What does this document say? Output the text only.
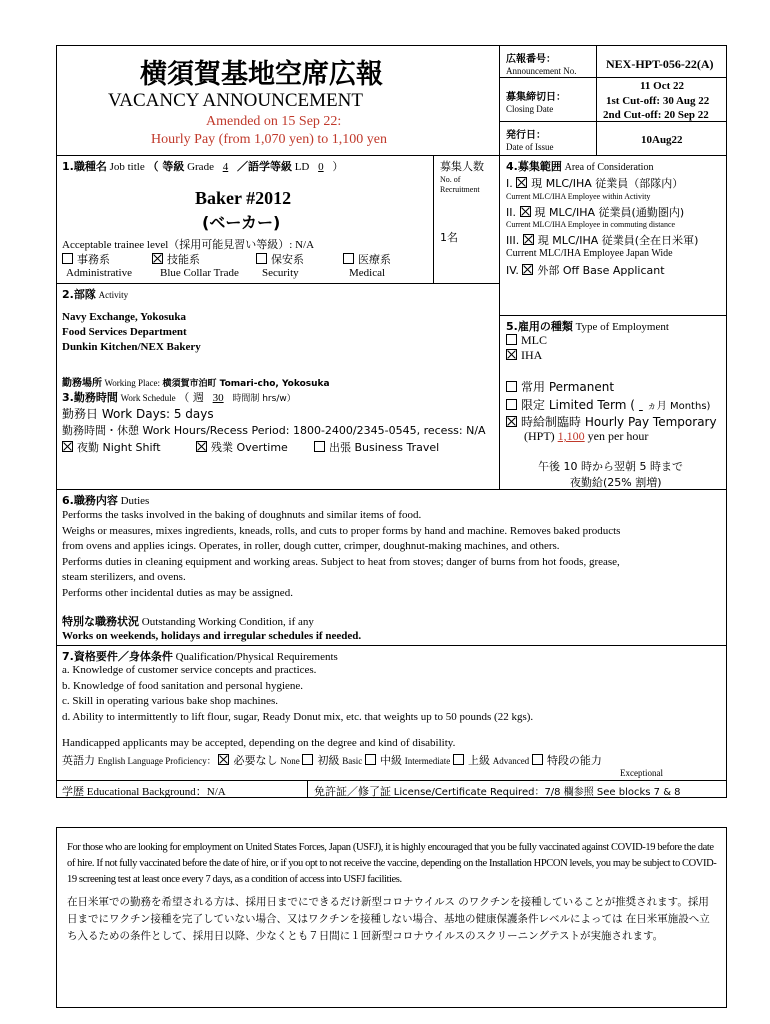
横須賀基地空席広報
VACANCY ANNOUNCEMENT
Amended on 15 Sep 22:
Hourly Pay (from 1,070 yen) to 1,100 yen
広報番号：
Announcement No. NEX-HPT-056-22(A)
募集締切日：
Closing Date
11 Oct 22
1st Cut-off: 30 Aug 22
2nd Cut-off: 20 Sep 22
発行日：
Date of Issue
10Aug22
1.職種名 Job title （ 等級 Grade 4 ／語学等級 LD 0 ）
Baker #2012
(ベーカー)
Acceptable trainee level（採用可能見習い等級）: N/A
事務系
Administrative
技能系
Blue Collar Trade
保安系
Security
医療系
Medical
募集人数
No. of
Recruitment
1名
2.部隊 Activity
Navy Exchange, Yokosuka
Food Services Department
Dunkin Kitchen/NEX Bakery
勤務場所 Working Place: 横須賀市泊町 Tomari-cho, Yokosuka
3.勤務時間 Work Schedule （ 週 30 時間制 hrs/w）
勤務日 Work Days: 5 days
勤務時間・休憩 Work Hours/Recess Period: 1800-2400/2345-0545, recess: N/A
夜勤 Night Shift	残業 Overtime	出張 Business Travel
4.募集範囲 Area of Consideration
I. 現 MLC/IHA 従業員（部隊内）
Current MLC/IHA Employee within Activity
II. 現 MLC/IHA 従業員(通勤圏内)
Current MLC/IHA Employee in commuting distance
III. 現 MLC/IHA 従業員(全在日米軍)
Current MLC/IHA Employee Japan Wide
IV. 外部 Off Base Applicant
5.雇用の種類 Type of Employment
MLC
IHA
常用 Permanent
限定 Limited Term ( ヵ月 Months)
時給制臨時 Hourly Pay Temporary
(HPT) 1,100 yen per hour
午後 10 時から翌朝 5 時まで
夜勤給(25% 割増)
6.職務内容 Duties
Performs the tasks involved in the baking of doughnuts and similar items of food.
Weighs or measures, mixes ingredients, kneads, rolls, and cuts to proper forms by hand and machine. Removes baked products
from ovens and applies icings. Operates, in roller, dough cutter, crimper, doughnut-making machines, and others.
Performs duties in cleaning equipment and working areas. Subject to heat from stoves; danger of burns from hot foods, grease,
steam sterilizers, and ovens.
Performs other incidental duties as may be assigned.
特別な職務状況 Outstanding Working Condition, if any
Works on weekends, holidays and irregular schedules if needed.
7.資格要件／身体条件 Qualification/Physical Requirements
a. Knowledge of customer service concepts and practices.
b. Knowledge of food sanitation and personal hygiene.
c. Skill in operating various bake shop machines.
d. Ability to intermittently to lift flour, sugar, Ready Donut mix, etc. that weights up to 50 pounds (22 kgs).
Handicapped applicants may be accepted, depending on the degree and kind of disability.
英語力 English Language Proficiency： 必要なし None 初級 Basic 中級 Intermediate 上級 Advanced 特段の能力
Exceptional
学歴 Educational Background：N/A	免許証／修了証 License/Certificate Required：7/8 欄参照 See blocks 7 & 8
For those who are looking for employment on United States Forces, Japan (USFJ), it is highly encouraged that you be fully vaccinated against COVID-19 before the date of hire. If not fully vaccinated before the date of hire, or if you opt to not receive the vaccine, depending on the Installation HPCON levels, you may be subject to COVID-19 screening test at least once every 7 days, as a condition of access into USFJ facilities.
在日米軍での勤務を希望される方は、採用日までにできるだけ新型コロナウイルス のワクチンを接種していることが推奨されます。採用日までにワクチン接種を完了していない場合、又はワクチンを接種しない場合、基地の健康保護条件レベルによっては 在日米軍施設へ立ち入るための条件として、採用日以降、少なくとも７日間に１回新型コロナウイルスのスクリーニングテストが実施されます。
